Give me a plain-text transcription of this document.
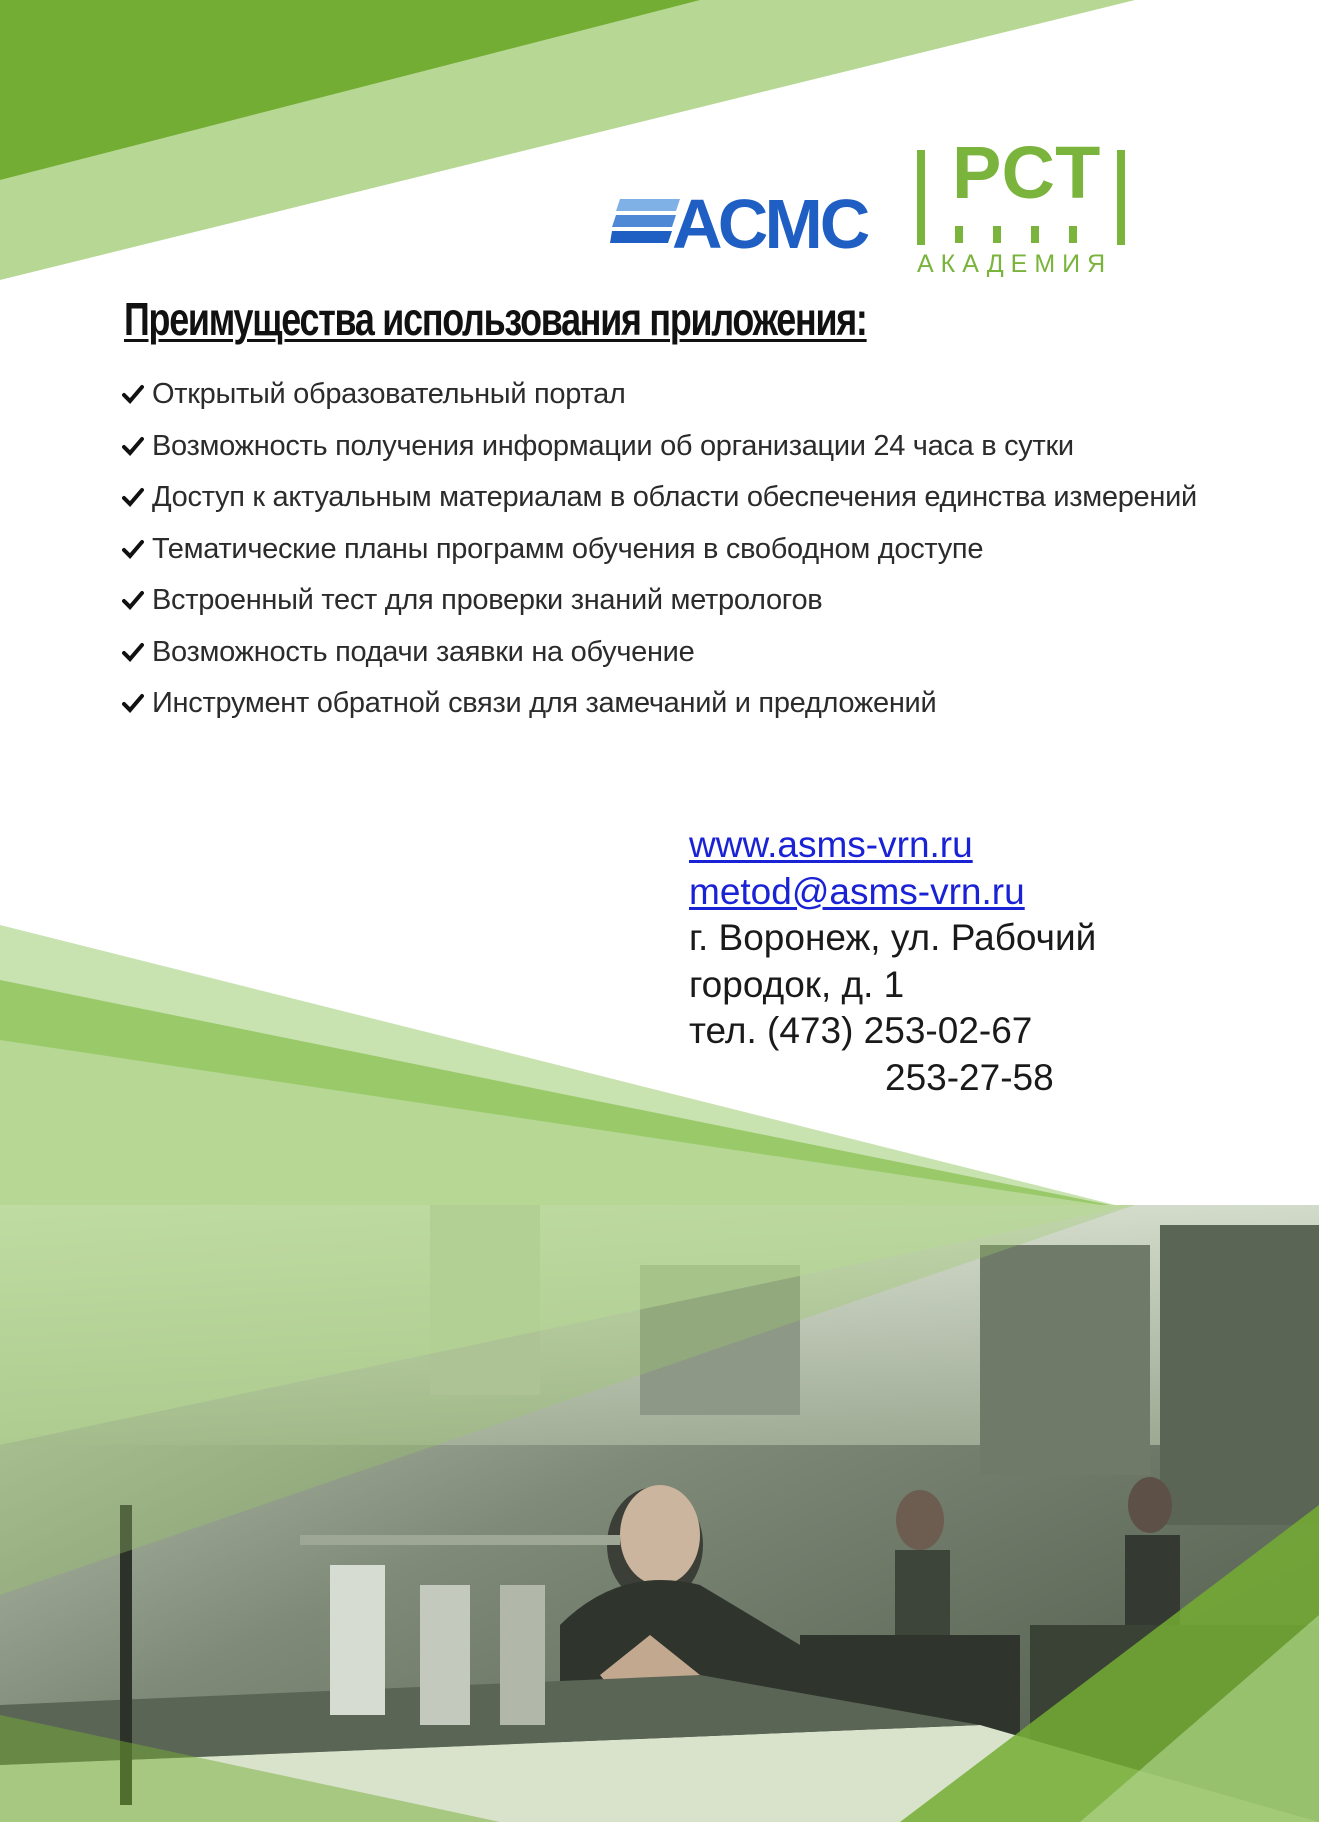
АСМС
РСТ
АКАДЕМИЯ
Преимущества использования приложения:
Открытый образовательный портал
Возможность получения информации об организации 24 часа в сутки
Доступ к актуальным материалам в области обеспечения единства измерений
Тематические планы программ обучения в свободном доступе
Встроенный тест для проверки знаний метрологов
Возможность подачи заявки на обучение
Инструмент обратной связи для замечаний и предложений
www.asms-vrn.ru
metod@asms-vrn.ru
г. Воронеж, ул. Рабочий
городок, д. 1
тел. (473) 253-02-67
253-27-58
